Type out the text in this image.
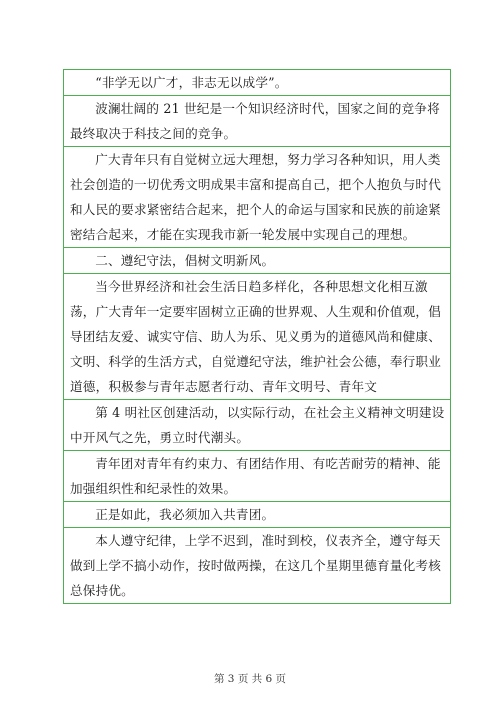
“非学无以广才，非志无以成学”。

波澜壮阔的 21 世纪是一个知识经济时代，国家之间的竞争将最终取决于科技之间的竞争。

广大青年只有自觉树立远大理想，努力学习各种知识，用人类社会创造的一切优秀文明成果丰富和提高自己，把个人抱负与时代和人民的要求紧密结合起来，把个人的命运与国家和民族的前途紧密结合起来，才能在实现我市新一轮发展中实现自己的理想。

二、遵纪守法，倡树文明新风。

当今世界经济和社会生活日趋多样化，各种思想文化相互激荡，广大青年一定要牢固树立正确的世界观、人生观和价值观，倡导团结友爱、诚实守信、助人为乐、见义勇为的道德风尚和健康、文明、科学的生活方式，自觉遵纪守法，维护社会公德，奉行职业道德，积极参与青年志愿者行动、青年文明号、青年文

第 4 明社区创建活动，以实际行动，在社会主义精神文明建设中开风气之先，勇立时代潮头。

青年团对青年有约束力、有团结作用、有吃苦耐劳的精神、能加强组织性和纪录性的效果。

正是如此，我必须加入共青团。

本人遵守纪律，上学不迟到，准时到校，仪表齐全，遵守每天做到上学不搞小动作，按时做两操，在这几个星期里德育量化考核总保持优。

第 3 页 共 6 页
